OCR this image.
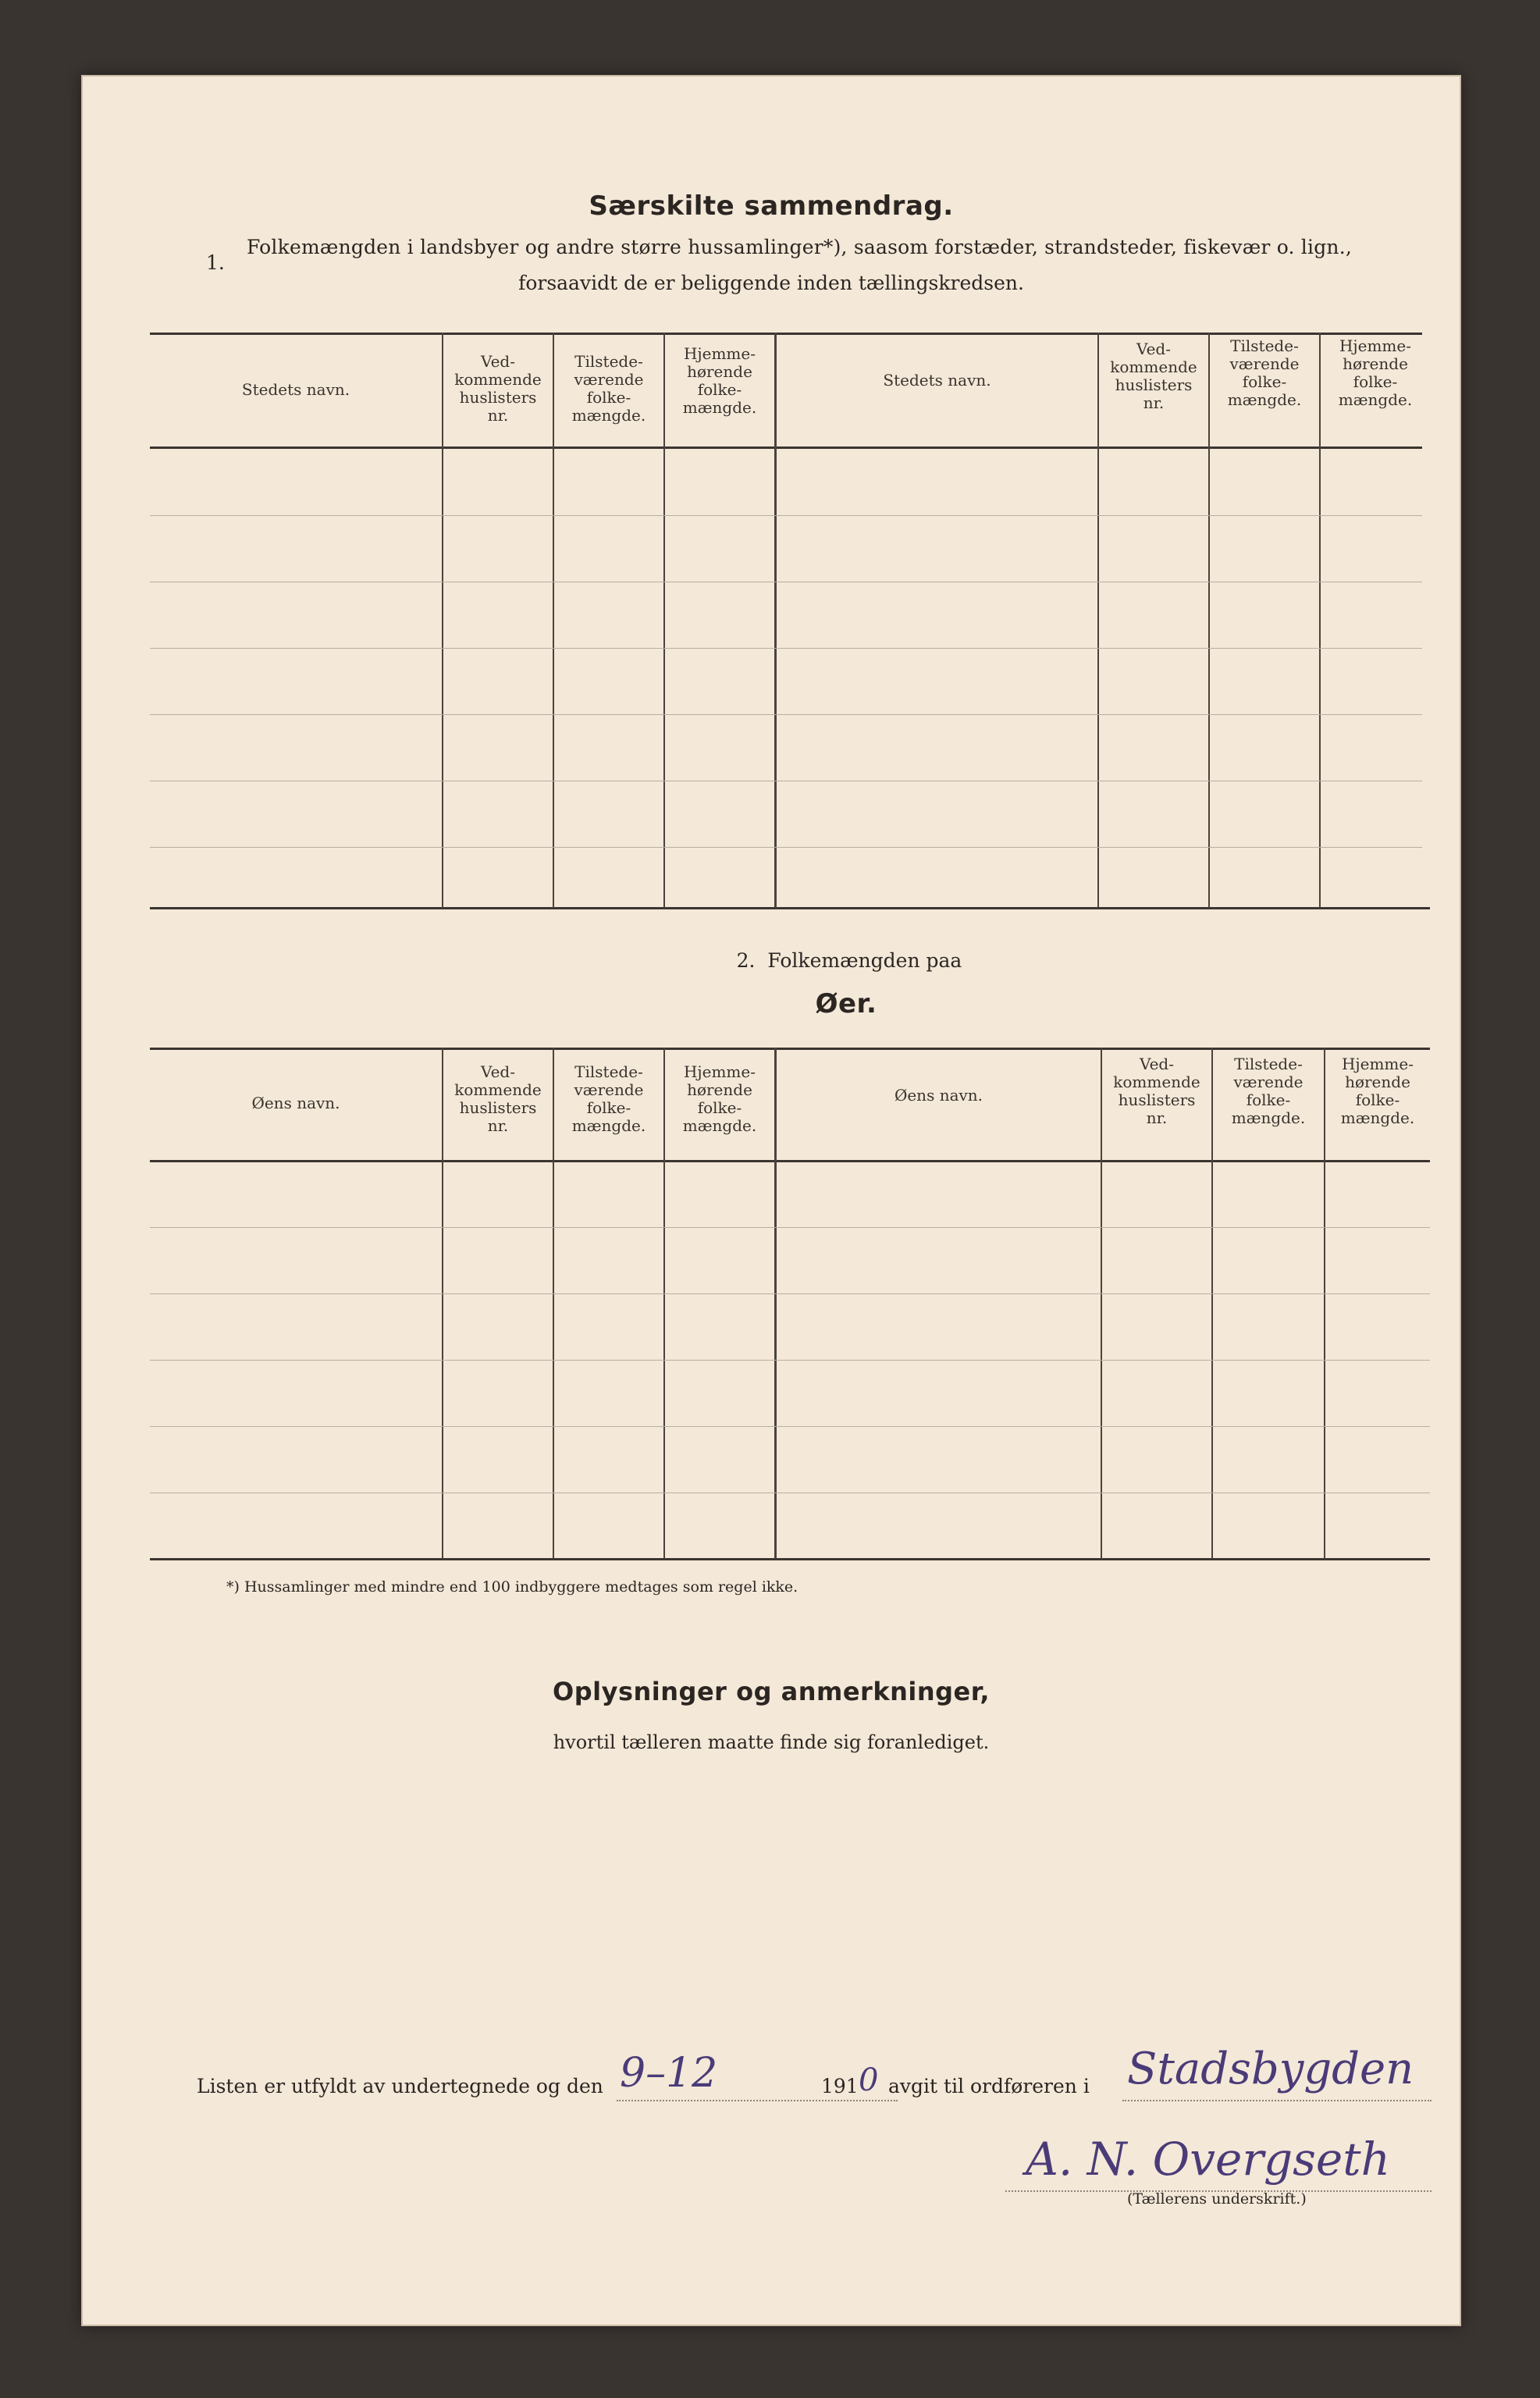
Særskilte sammendrag.
1.
Folkemængden i landsbyer og andre større hussamlinger*), saasom forstæder, strandsteder, fiskevær o. lign.,
forsaavidt de er beliggende inden tællingskredsen.
Stedets navn.
Ved-
kommende
huslisters
nr.
Tilstede-
værende
folke-
mængde.
Hjemme-
hørende
folke-
mængde.
Stedets navn.
Ved-
kommende
huslisters
nr.
Tilstede-
værende
folke-
mængde.
Hjemme-
hørende
folke-
mængde.
2.  Folkemængden paa
Øer.
Øens navn.
Ved-
kommende
huslisters
nr.
Tilstede-
værende
folke-
mængde.
Hjemme-
hørende
folke-
mængde.
Øens navn.
Ved-
kommende
huslisters
nr.
Tilstede-
værende
folke-
mængde.
Hjemme-
hørende
folke-
mængde.
*) Hussamlinger med mindre end 100 indbyggere medtages som regel ikke.
Oplysninger og anmerkninger,
hvortil tælleren maatte finde sig foranlediget.
Listen er utfyldt av undertegnede og den 9–12	191 0 avgit til ordføreren i Stadsbygden
A. N. Overgseth
(Tællerens underskrift.)
